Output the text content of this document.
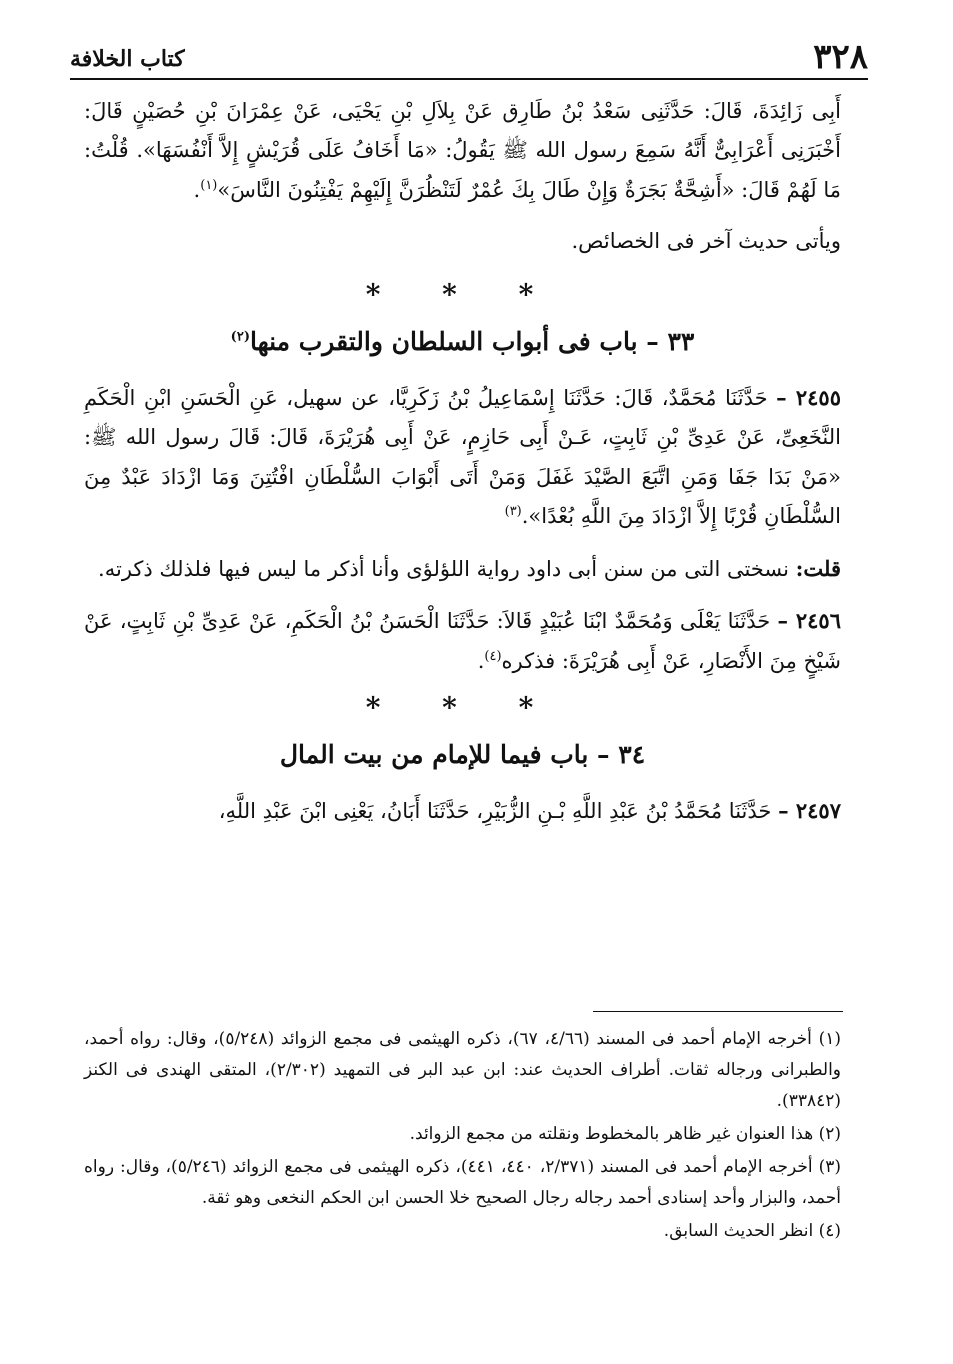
٣٢٨
كتاب الخلافة

أَبِى زَائِدَةَ، قَالَ: حَدَّثَنِى سَعْدُ بْنُ طَارِق عَنْ بِلاَلِ بْنِ يَحْيَى، عَنْ عِمْرَانَ بْنِ حُصَيْنٍ قَالَ: أَخْبَرَنِى أَعْرَابِىٌّ أَنَّهُ سَمِعَ رسول الله ﷺ يَقُولُ: «مَا أَخَافُ عَلَى قُرَيْشٍ إِلاَّ أَنْفُسَهَا». قُلْتُ: مَا لَهُمْ قَالَ: «أَشِحَّةٌ بَجَرَةٌ وَإِنْ طَالَ بِكَ عُمْرٌ لَتَنْظُرَنَّ إِلَيْهِمْ يَفْتِنُونَ النَّاسَ»$^{(١)}$.

ويأتى حديث آخر فى الخصائص.

* * *
٣٣ – باب فى أبواب السلطان والتقرب منها$^{(٢)}$

٢٤٥٥ – حَدَّثَنَا مُحَمَّدٌ، قَالَ: حَدَّثَنَا إِسْمَاعِيلُ بْنُ زَكَرِيَّا، عن سهيل، عَنِ الْحَسَنِ ابْنِ الْحَكَمِ النَّخَعِىِّ، عَنْ عَدِىِّ بْنِ ثَابِتٍ، عَـنْ أَبِى حَازِمٍ، عَنْ أَبِى هُرَيْرَةَ، قَالَ: قَالَ رسول الله ﷺ: «مَنْ بَدَا جَفَا وَمَنِ اتَّبَعَ الصَّيْدَ غَفَلَ وَمَنْ أَتَى أَبْوَابَ السُّلْطَانِ افْتُتِنَ وَمَا ازْدَادَ عَبْدٌ مِنَ السُّلْطَانِ قُرْبًا إِلاَّ ازْدَادَ مِنَ اللَّهِ بُعْدًا».$^{(٣)}$

قلت: نسختى التى من سنن أبى داود رواية اللؤلؤى وأنا أذكر ما ليس فيها فلذلك ذكرته.

٢٤٥٦ – حَدَّثَنَا يَعْلَى وَمُحَمَّدٌ ابْنَا عُبَيْدٍ قَالاَ: حَدَّثَنَا الْحَسَنُ بْنُ الْحَكَمِ، عَنْ عَدِىِّ بْنِ ثَابِتٍ، عَنْ شَيْخٍ مِنَ الأَنْصَارِ، عَنْ أَبِى هُرَيْرَةَ: فذكره$^{(٤)}$.

* * *
٣٤ – باب فيما للإمام من بيت المال

٢٤٥٧ – حَدَّثَنَا مُحَمَّدُ بْنُ عَبْدِ اللَّهِ بْـنِ الزُّبَيْرِ، حَدَّثَنَا أَبَانُ، يَعْنِى ابْنَ عَبْدِ اللَّهِ،

(١) أخرجه الإمام أحمد فى المسند (٤/٦٦، ٦٧)، ذكره الهيثمى فى مجمع الزوائد (٥/٢٤٨)، وقال: رواه أحمد، والطبرانى ورجاله ثقات. أطراف الحديث عند: ابن عبد البر فى التمهيد (٢/٣٠٢)، المتقى الهندى فى الكنز (٣٣٨٤٢).

(٢) هذا العنوان غير ظاهر بالمخطوط ونقلته من مجمع الزوائد.

(٣) أخرجه الإمام أحمد فى المسند (٢/٣٧١، ٤٤٠، ٤٤١)، ذكره الهيثمى فى مجمع الزوائد (٥/٢٤٦)، وقال: رواه أحمد، والبزار وأحد إسنادى أحمد رجاله رجال الصحيح خلا الحسن ابن الحكم النخعى وهو ثقة.

(٤) انظر الحديث السابق.
